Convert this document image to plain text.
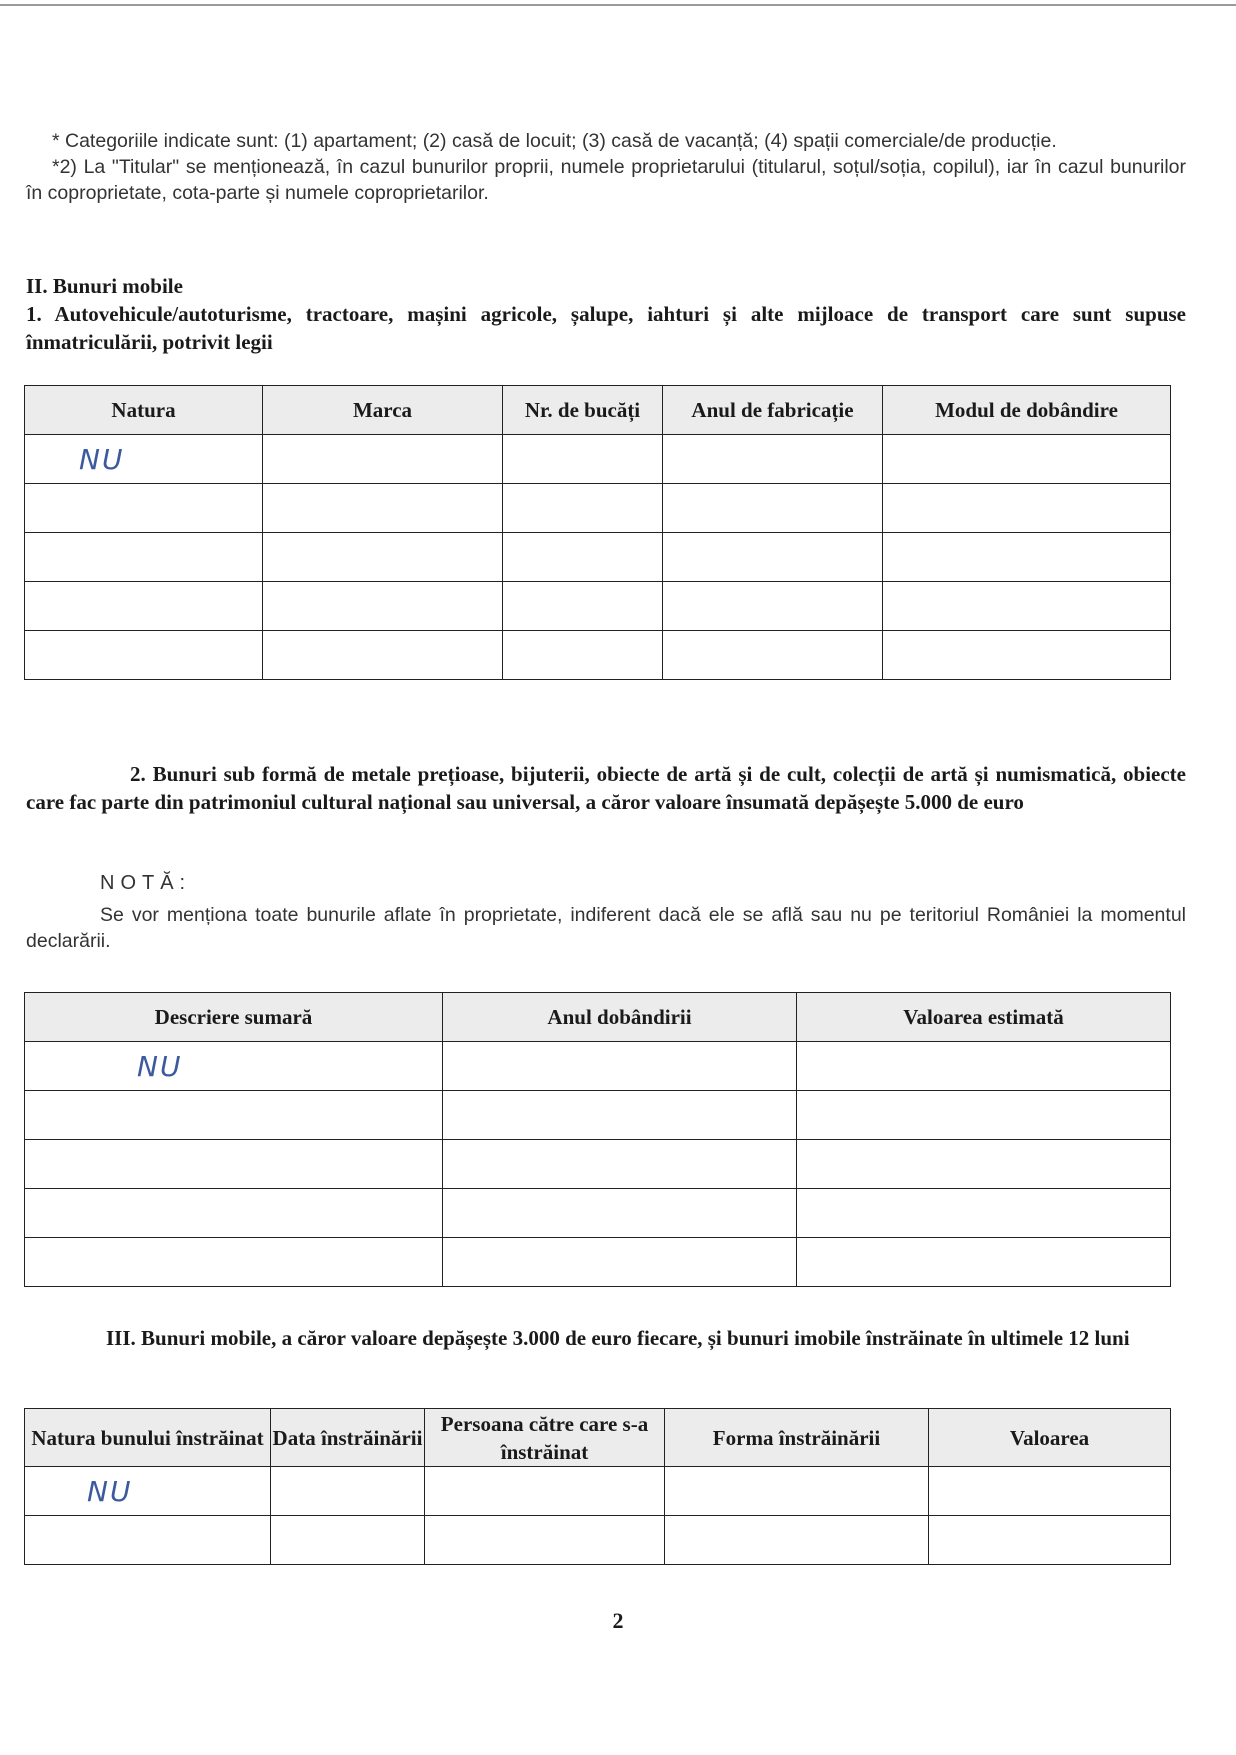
* Categoriile indicate sunt: (1) apartament; (2) casă de locuit; (3) casă de vacanță; (4) spații comerciale/de producție.

*2) La "Titular" se menționează, în cazul bunurilor proprii, numele proprietarului (titularul, soțul/soția, copilul), iar în cazul bunurilor în coproprietate, cota-parte și numele coproprietarilor.

II. Bunuri mobile
1. Autovehicule/autoturisme, tractoare, mașini agricole, șalupe, iahturi și alte mijloace de transport care sunt supuse înmatriculării, potrivit legii
Natura	Marca	Nr. de bucăți	Anul de fabricație	Modul de dobândire
NU				

2. Bunuri sub formă de metale prețioase, bijuterii, obiecte de artă și de cult, colecții de artă și numismatică, obiecte care fac parte din patrimoniul cultural național sau universal, a căror valoare însumată depășește 5.000 de euro
NOTĂ:
Se vor menționa toate bunurile aflate în proprietate, indiferent dacă ele se află sau nu pe teritoriul României la momentul declarării.
Descriere sumară	Anul dobândirii	Valoarea estimată
NU		

III. Bunuri mobile, a căror valoare depășește 3.000 de euro fiecare, și bunuri imobile înstrăinate în ultimele 12 luni
Natura bunului înstrăinat	Data înstrăinării	Persoana către care s-a înstrăinat	Forma înstrăinării	Valoarea
NU				

2
